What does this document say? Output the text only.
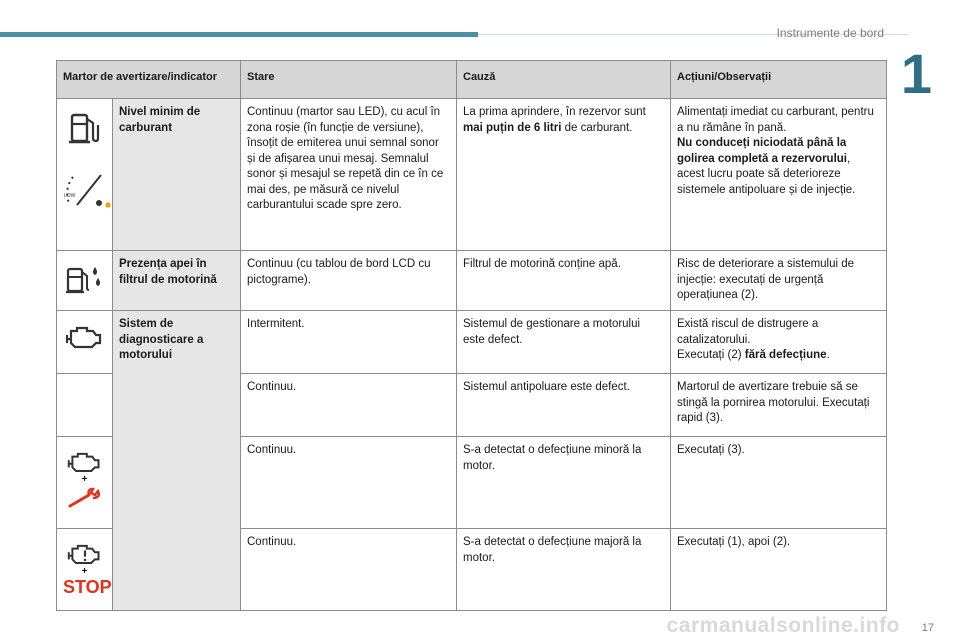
Instrumente de bord
1
Martor de avertizare/indicator		Stare	Cauză	Acțiuni/Observații

LOW	Nivel minim de carburant	Continuu (martor sau LED), cu acul în zona roșie (în funcție de versiune), însoțit de emiterea unui semnal sonor și de afișarea unui mesaj. Semnalul sonor și mesajul se repetă din ce în ce mai des, pe măsură ce nivelul carburantului scade spre zero.	La prima aprindere, în rezervor sunt mai puțin de 6 litri de carburant.	Alimentați imediat cu carburant, pentru a nu rămâne în pană.
Nu conduceți niciodată până la golirea completă a rezervorului, acest lucru poate să deterioreze sistemele antipoluare și de injecție.

	Prezența apei în filtrul de motorină	Continuu (cu tablou de bord LCD cu pictograme).	Filtrul de motorină conține apă.	Risc de deteriorare a sistemului de injecție: executați de urgență operațiunea (2).

	Sistem de diagnosticare a motorului	Intermitent.	Sistemul de gestionare a motorului este defect.	Există riscul de distrugere a catalizatorului.
Executați (2) fără defecțiune.
		Continuu.	Sistemul antipoluare este defect.	Martorul de avertizare trebuie să se stingă la pornirea motorului. Executați rapid (3).

+		Continuu.	S-a detectat o defecțiune minoră la motor.	Executați (3).

+
STOP		Continuu.	S-a detectat o defecțiune majoră la motor.	Executați (1), apoi (2).
17
carmanualsonline.info
